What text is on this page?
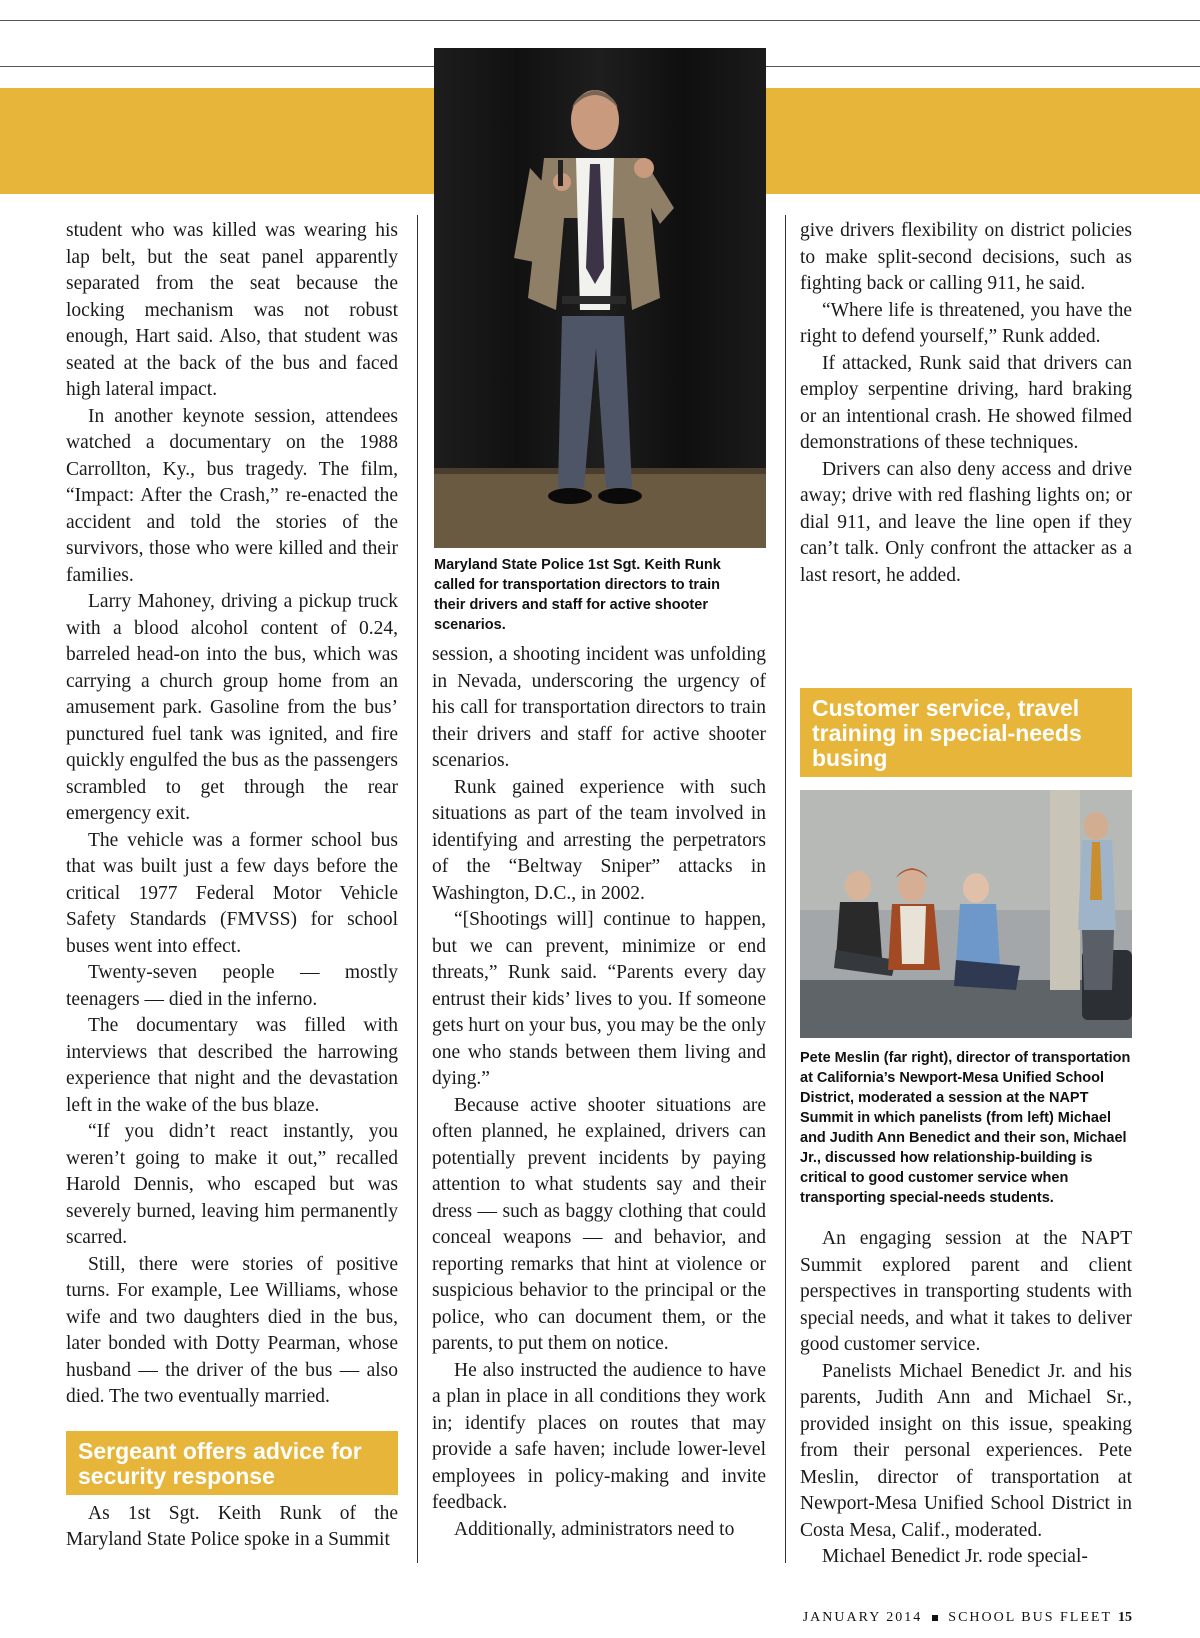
student who was killed was wearing his lap belt, but the seat panel apparently separated from the seat because the locking mechanism was not robust enough, Hart said. Also, that student was seated at the back of the bus and faced high lateral impact.

In another keynote session, attendees watched a documentary on the 1988 Carrollton, Ky., bus tragedy. The film, “Impact: After the Crash,” re-enacted the accident and told the stories of the survivors, those who were killed and their families.

Larry Mahoney, driving a pickup truck with a blood alcohol content of 0.24, barreled head-on into the bus, which was carrying a church group home from an amusement park. Gasoline from the bus’ punctured fuel tank was ignited, and fire quickly engulfed the bus as the passengers scrambled to get through the rear emergency exit.

The vehicle was a former school bus that was built just a few days before the critical 1977 Federal Motor Vehicle Safety Standards (FMVSS) for school buses went into effect.

Twenty-seven people — mostly teenagers — died in the inferno.

The documentary was filled with interviews that described the harrowing experience that night and the devastation left in the wake of the bus blaze.

“If you didn’t react instantly, you weren’t going to make it out,” recalled Harold Dennis, who escaped but was severely burned, leaving him permanently scarred.

Still, there were stories of positive turns. For example, Lee Williams, whose wife and two daughters died in the bus, later bonded with Dotty Pearman, whose husband — the driver of the bus — also died. The two eventually married.

Sergeant offers advice for security response

As 1st Sgt. Keith Runk of the Maryland State Police spoke in a Summit

Maryland State Police 1st Sgt. Keith Runk called for transportation directors to train their drivers and staff for active shooter scenarios.

session, a shooting incident was unfolding in Nevada, underscoring the urgency of his call for transportation directors to train their drivers and staff for active shooter scenarios.

Runk gained experience with such situations as part of the team involved in identifying and arresting the perpetrators of the “Beltway Sniper” attacks in Washington, D.C., in 2002.

“[Shootings will] continue to happen, but we can prevent, minimize or end threats,” Runk said. “Parents every day entrust their kids’ lives to you. If someone gets hurt on your bus, you may be the only one who stands between them living and dying.”

Because active shooter situations are often planned, he explained, drivers can potentially prevent incidents by paying attention to what students say and their dress — such as baggy clothing that could conceal weapons — and behavior, and reporting remarks that hint at violence or suspicious behavior to the principal or the police, who can document them, or the parents, to put them on notice.

He also instructed the audience to have a plan in place in all conditions they work in; identify places on routes that may provide a safe haven; include lower-level employees in policy-making and invite feedback.

Additionally, administrators need to

give drivers flexibility on district policies to make split-second decisions, such as fighting back or calling 911, he said.

“Where life is threatened, you have the right to defend yourself,” Runk added.

If attacked, Runk said that drivers can employ serpentine driving, hard braking or an intentional crash. He showed filmed demonstrations of these techniques.

Drivers can also deny access and drive away; drive with red flashing lights on; or dial 911, and leave the line open if they can’t talk. Only confront the attacker as a last resort, he added.

Customer service, travel training in special-needs busing
Pete Meslin (far right), director of transportation at California’s Newport-Mesa Unified School District, moderated a session at the NAPT Summit in which panelists (from left) Michael and Judith Ann Benedict and their son, Michael Jr., discussed how relationship-building is critical to good customer service when transporting special-needs students.

An engaging session at the NAPT Summit explored parent and client perspectives in transporting students with special needs, and what it takes to deliver good customer service.

Panelists Michael Benedict Jr. and his parents, Judith Ann and Michael Sr., provided insight on this issue, speaking from their personal experiences. Pete Meslin, director of transportation at Newport-Mesa Unified School District in Costa Mesa, Calif., moderated.

Michael Benedict Jr. rode special-

JANUARY 2014 SCHOOL BUS FLEET 15
